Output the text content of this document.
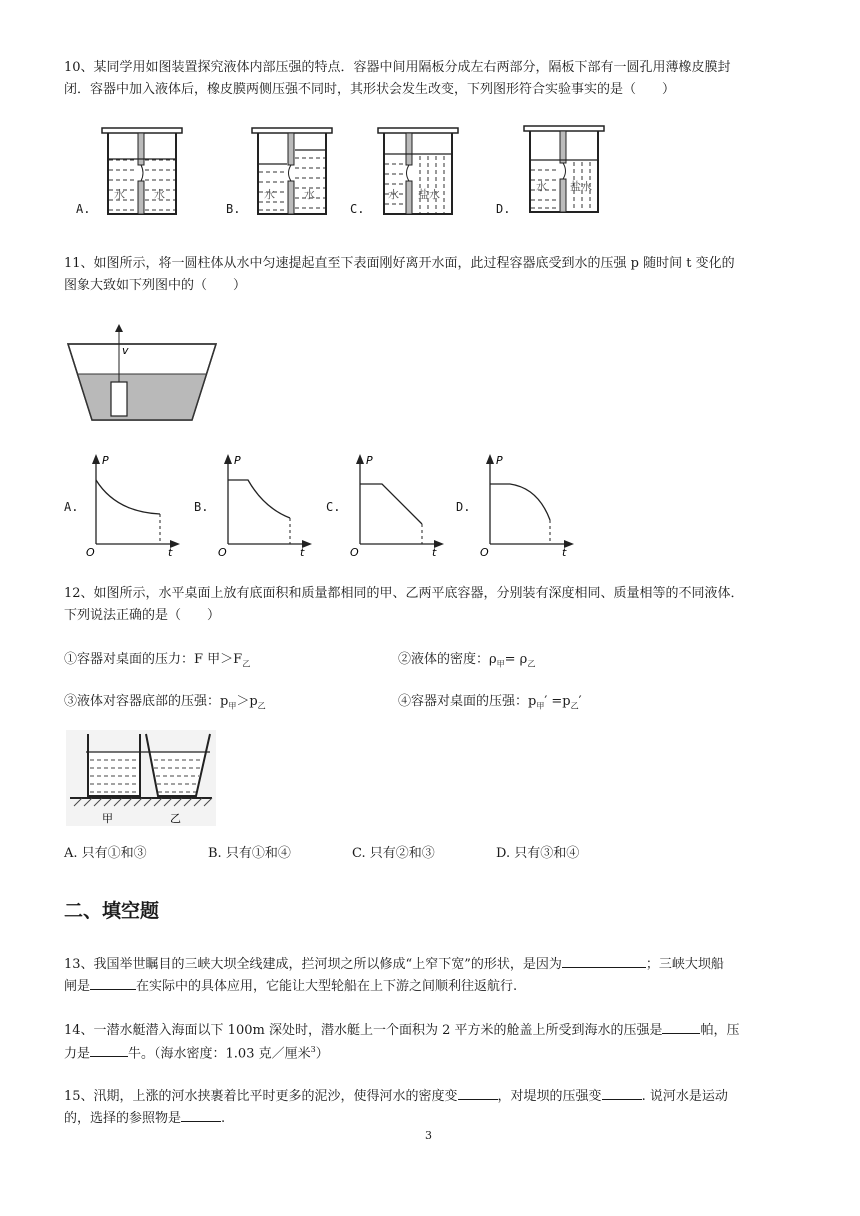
10、某同学用如图装置探究液体内部压强的特点．容器中间用隔板分成左右两部分，隔板下部有一圆孔用薄橡皮膜封
闭．容器中加入液体后，橡皮膜两侧压强不同时，其形状会发生改变，下列图形符合实验事实的是（　　）
A.
水	水
B.
水	水
C.
水 盐水
D.
水 盐水
11、如图所示，将一圆柱体从水中匀速提起直至下表面刚好离开水面，此过程容器底受到水的压强 p 随时间 t 变化的
图象大致如下列图中的（　　）
v
A.
P
O	t
B.
P
O	t
C.
P
O	t
D.
P
O	t
12、如图所示，水平桌面上放有底面积和质量都相同的甲、乙两平底容器，分别装有深度相同、质量相等的不同液体．
下列说法正确的是（　　）
①容器对桌面的压力：F 甲$>F_乙$	②液体的密度：$\rho_甲= \rho_乙$
③液体对容器底部的压强：$p_甲>p_乙$	④容器对桌面的压强：$p_甲' =p_乙'$
甲	乙
A. 只有①和③	B. 只有①和④	C. 只有②和③	D. 只有③和④
二、填空题
13、我国举世瞩目的三峡大坝全线建成，拦河坝之所以修成“上窄下宽”的形状，是因为	；三峡大坝船
闸是	在实际中的具体应用，它能让大型轮船在上下游之间顺利往返航行.
14、一潜水艇潜入海面以下 100m 深处时，潜水艇上一个面积为 2 平方米的舱盖上所受到海水的压强是	帕，压
力是	牛。（海水密度：1.03 克／厘米$^3$）
15、汛期，上涨的河水挟裹着比平时更多的泥沙，使得河水的密度变	，对堤坝的压强变	. 说河水是运动
的，选择的参照物是	.
3
